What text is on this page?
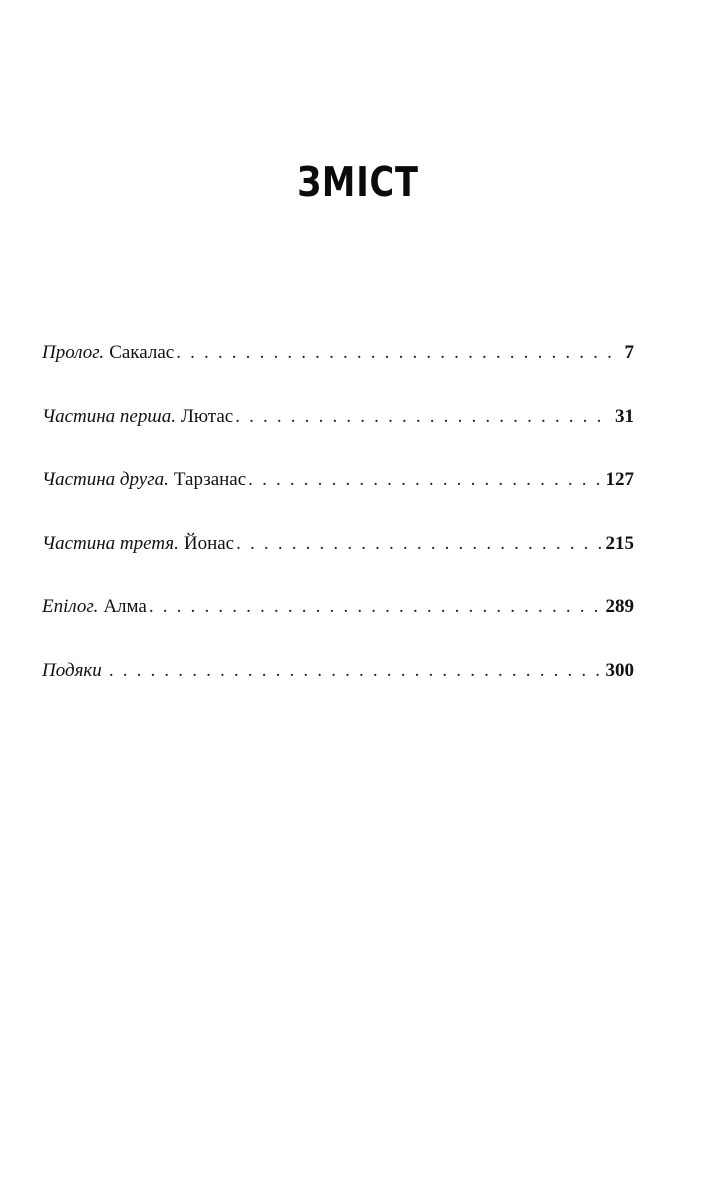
ЗМІСТ
Пролог. Сакалас . . .	7
Частина перша. Лютас . . .	31
Частина друга. Тарзанас . . .	127
Частина третя. Йонас . . .	215
Епілог. Алма . . .	289
Подяки . . .	300
